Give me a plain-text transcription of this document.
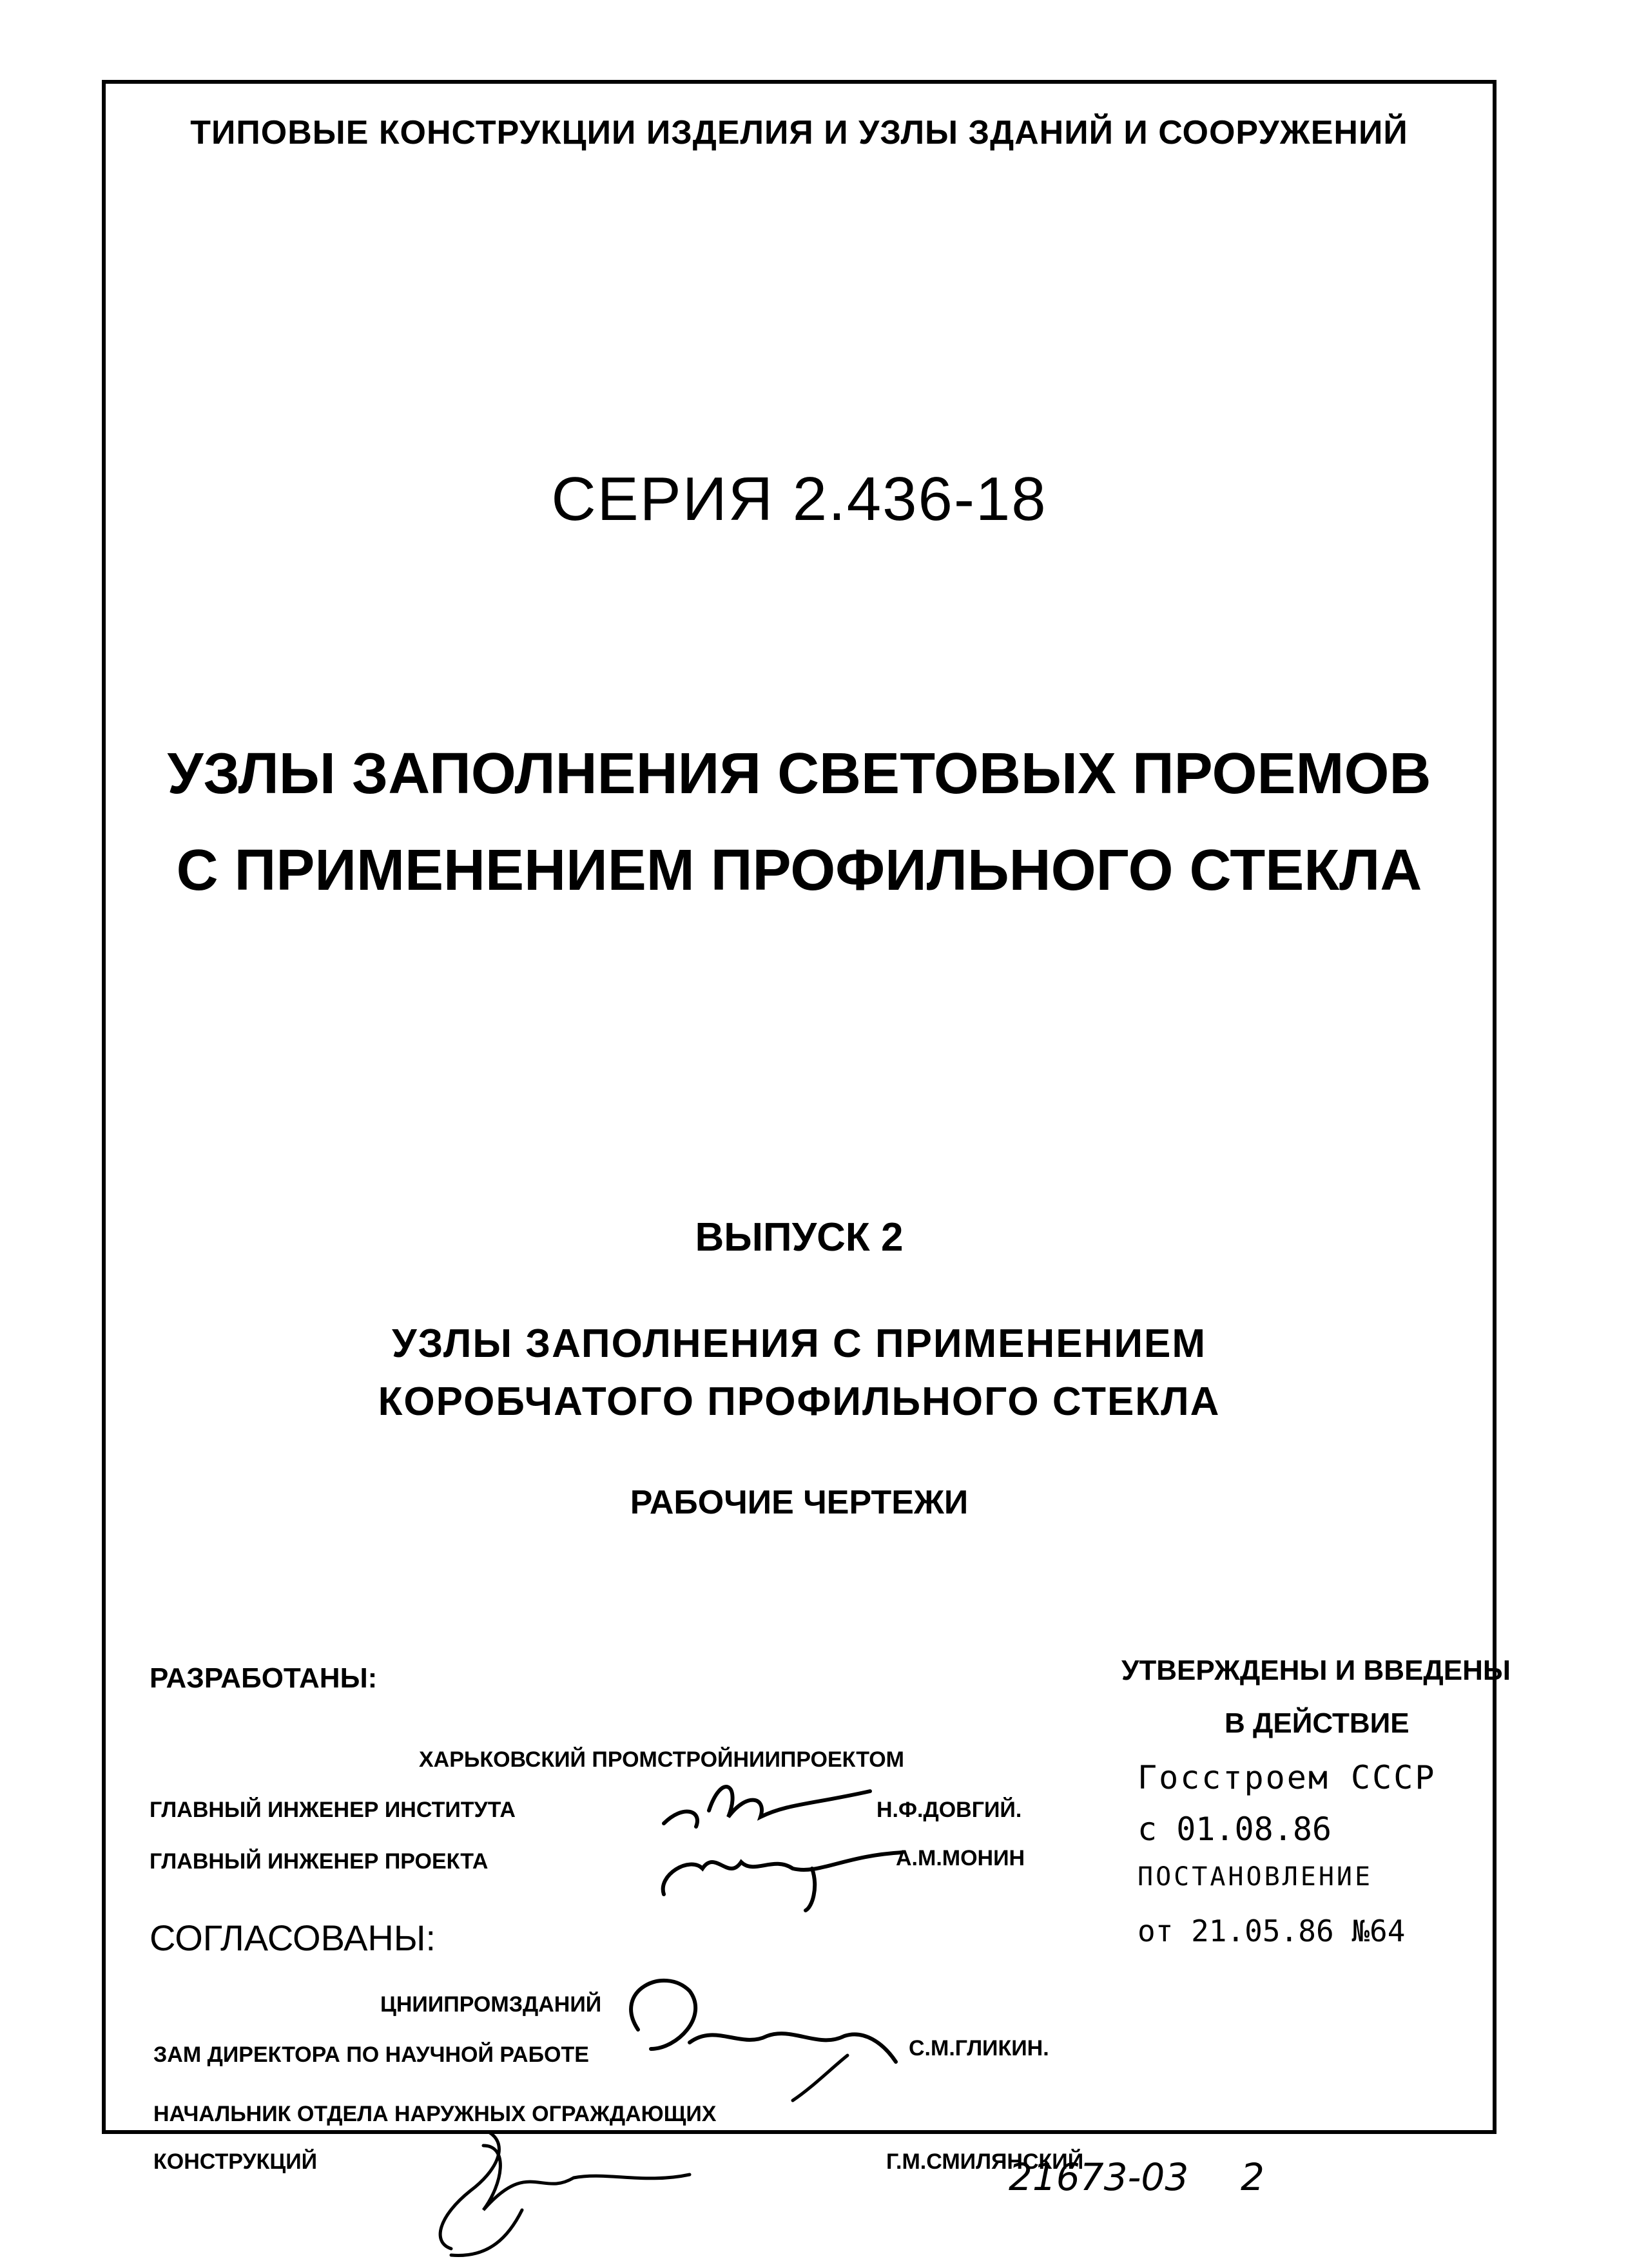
ТИПОВЫЕ КОНСТРУКЦИИ ИЗДЕЛИЯ И УЗЛЫ ЗДАНИЙ И СООРУЖЕНИЙ
СЕРИЯ 2.436-18
УЗЛЫ ЗАПОЛНЕНИЯ СВЕТОВЫХ ПРОЕМОВ
С ПРИМЕНЕНИЕМ ПРОФИЛЬНОГО СТЕКЛА
ВЫПУСК 2
УЗЛЫ ЗАПОЛНЕНИЯ С ПРИМЕНЕНИЕМ
КОРОБЧАТОГО ПРОФИЛЬНОГО СТЕКЛА
РАБОЧИЕ ЧЕРТЕЖИ
РАЗРАБОТАНЫ:
ХАРЬКОВСКИЙ ПРОМСТРОЙНИИПРОЕКТОМ
ГЛАВНЫЙ ИНЖЕНЕР ИНСТИТУТА	Н.Ф.ДОВГИЙ.
ГЛАВНЫЙ ИНЖЕНЕР ПРОЕКТА	А.М.МОНИН
СОГЛАСОВАНЫ:
ЦНИИПРОМЗДАНИЙ
ЗАМ ДИРЕКТОРА ПО НАУЧНОЙ РАБОТЕ	С.М.ГЛИКИН.
НАЧАЛЬНИК ОТДЕЛА НАРУЖНЫХ ОГРАЖДАЮЩИХ
КОНСТРУКЦИЙ	Г.М.СМИЛЯНСКИЙ
УТВЕРЖДЕНЫ И ВВЕДЕНЫ
В ДЕЙСТВИЕ
Госстроем СССР
с 01.08.86
ПОСТАНОВЛЕНИЕ
от 21.05.86 №64
21673-03 2
